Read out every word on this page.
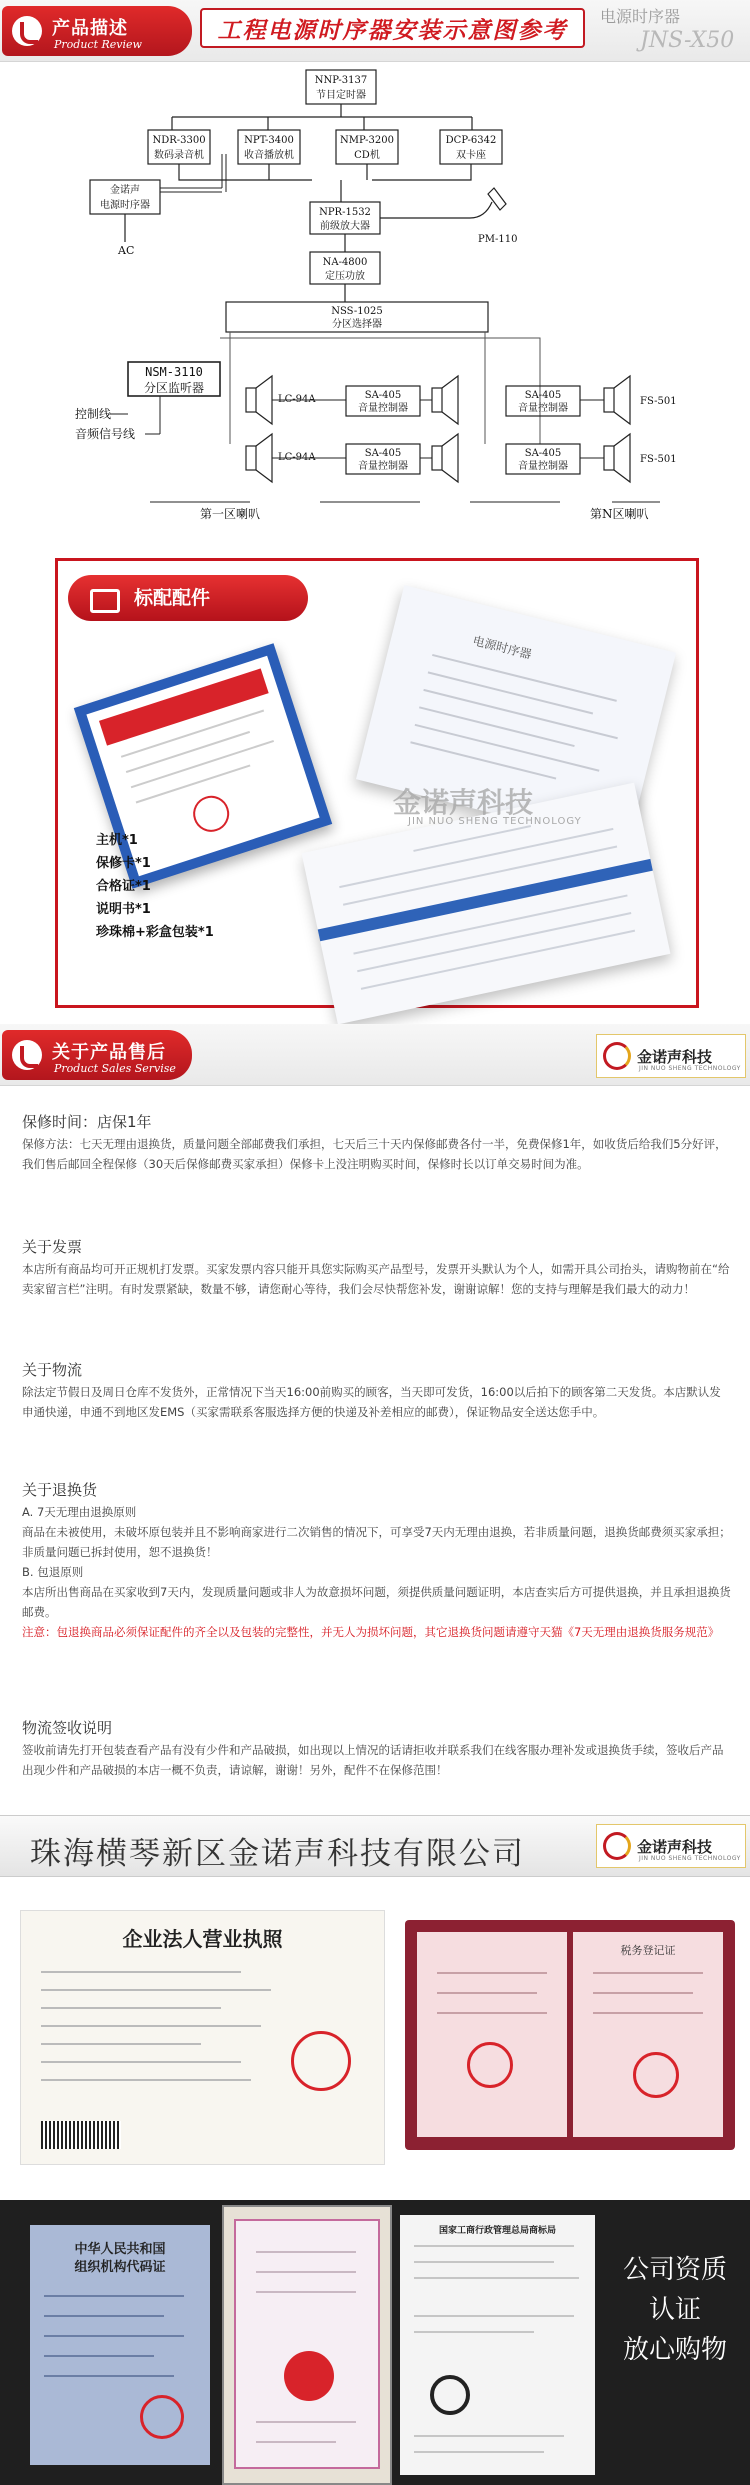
产品描述
Product Review
工程电源时序器安装示意图参考	电源时序器
JNS-X50
NNP-3137
节目定时器
NDR-3300
数码录音机
NPT-3400
收音播放机
NMP-3200
CD机
DCP-6342
双卡座
金诺声
电源时序器
AC
NPR-1532
前级放大器
PM-110
NA-4800
定压功放
NSS-1025
分区选择器
NSM-3110
分区监听器
控制线
音频信号线
LC-94A	SA-405
音量控制器
SA-405
音量控制器
FS-501
LC-94A	SA-405
音量控制器
SA-405
音量控制器
FS-501
第一区喇叭	第N区喇叭
标配配件
电源时序器
金诺声科技
JIN NUO SHENG TECHNOLOGY
主机*1
保修卡*1
合格证*1
说明书*1
珍珠棉+彩盒包装*1
关于产品售后
Product Sales Servise
金诺声科技
JIN NUO SHENG TECHNOLOGY
保修时间：店保1年
保修方法：七天无理由退换货，质量问题全部邮费我们承担，七天后三十天内保修邮费各付一半，免费保修1年，如收货后给我们5分好评，我们售后邮回全程保修（30天后保修邮费买家承担）保修卡上没注明购买时间，保修时长以订单交易时间为准。
关于发票
本店所有商品均可开正规机打发票。买家发票内容只能开具您实际购买产品型号，发票开头默认为个人，如需开具公司抬头，请购物前在“给卖家留言栏”注明。有时发票紧缺，数量不够，请您耐心等待，我们会尽快帮您补发，谢谢谅解！您的支持与理解是我们最大的动力！
关于物流
除法定节假日及周日仓库不发货外，正常情况下当天16:00前购买的顾客，当天即可发货，16:00以后拍下的顾客第二天发货。本店默认发申通快递，申通不到地区发EMS（买家需联系客服选择方便的快递及补差相应的邮费），保证物品安全送达您手中。
关于退换货
A. 7天无理由退换原则
商品在未被使用，未破坏原包装并且不影响商家进行二次销售的情况下，可享受7天内无理由退换，若非质量问题，退换货邮费须买家承担；非质量问题已拆封使用，恕不退换货！
B. 包退原则
本店所出售商品在买家收到7天内，发现质量问题或非人为故意损坏问题，须提供质量问题证明，本店查实后方可提供退换，并且承担退换货邮费。
注意：包退换商品必须保证配件的齐全以及包装的完整性，并无人为损坏问题，其它退换货问题请遵守天猫《7天无理由退换货服务规范》
物流签收说明
签收前请先打开包装查看产品有没有少件和产品破损，如出现以上情况的话请拒收并联系我们在线客服办理补发或退换货手续，签收后产品出现少件和产品破损的本店一概不负责，请谅解，谢谢！另外，配件不在保修范围！
珠海横琴新区金诺声科技有限公司	金诺声科技
JIN NUO SHENG TECHNOLOGY
企业法人营业执照	税务登记证
中华人民共和国
组织机构代码证
国家工商行政管理总局商标局
公司资质
认证
放心购物
